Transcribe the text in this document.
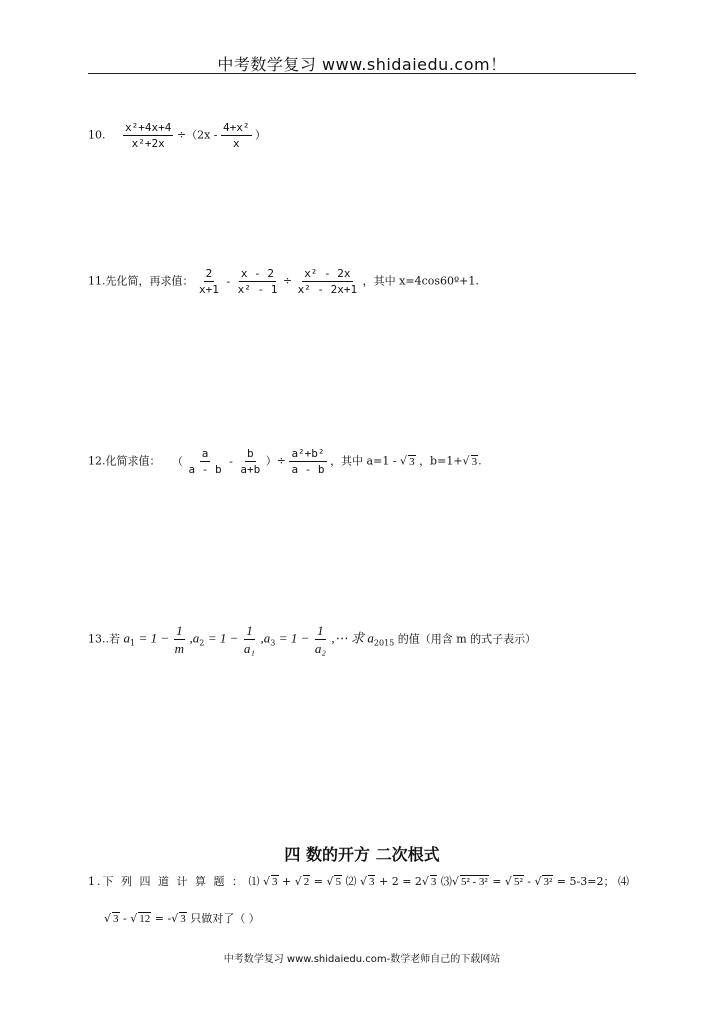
中考数学复习 www.shidaiedu.com！
10. $\frac{\text{x²+4x+4}}{\text{x²+2x}} \div(2x - \frac{\text{4+x²}}{x}$ ）
11.先化简，再求值： $\frac{2}{x+1} - \frac{x - 2}{\text{x² - 1}} \div \frac{\text{x² - 2x}}{\text{x² - 2x+1}}$ ，其中 x=4cos60º+1.
12.化简求值： （ $\frac{a}{a - b} - \frac{b}{a+b}$ ）÷ $\frac{\text{a²+b²}}{a - b}$ ，其中 a=1 - √ 3 ，b=1+√ 3.
13..若 $a_1 = 1 - \frac{1}{m} ,a_2 = 1 - \frac{1}{\text{a₁}} ,a_3 = 1 - \frac{1}{\text{a₂}}$ ,⋯ 求 $a_{2015}$ 的值（用含 m 的式子表示）
四 数的开方 二次根式
1.下 列 四 道 计 算 题 ： ⑴ √ 3 + √ 2 = √ 5 ⑵ √ 3 + 2 = 2√ 3 ⑶√ 5² - 3² = √ 5² - √ 3² = 5-3=2； ⑷
√ 3 - √ 12 = -√ 3 只做对了（ ）
中考数学复习 www.shidaiedu.com-数学老师自己的下载网站
